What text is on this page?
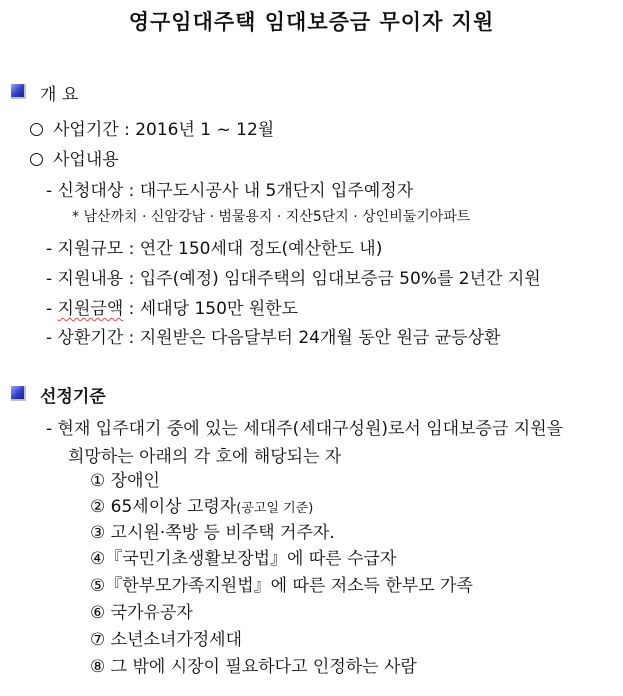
영구임대주택 임대보증금 무이자 지원
개 요
사업기간 : 2016년 1 ~ 12월
사업내용
- 신청대상 : 대구도시공사 내 5개단지 입주예정자
* 남산까치 · 신암강남 · 범물용지 · 지산5단지 · 상인비둘기아파트
- 지원규모 : 연간 150세대 정도(예산한도 내)
- 지원내용 : 입주(예정) 임대주택의 임대보증금 50%를 2년간 지원
- 지원금액 : 세대당 150만 원한도
- 상환기간 : 지원받은 다음달부터 24개월 동안 원금 균등상환
선정기준
- 현재 입주대기 중에 있는 세대주(세대구성원)로서 임대보증금 지원을
희망하는 아래의 각 호에 해당되는 자
① 장애인
② 65세이상 고령자(공고일 기준)
③ 고시원·쪽방 등 비주택 거주자.
④『국민기초생활보장법』에 따른 수급자
⑤『한부모가족지원법』에 따른 저소득 한부모 가족
⑥ 국가유공자
⑦ 소년소녀가정세대
⑧ 그 밖에 시장이 필요하다고 인정하는 사람
